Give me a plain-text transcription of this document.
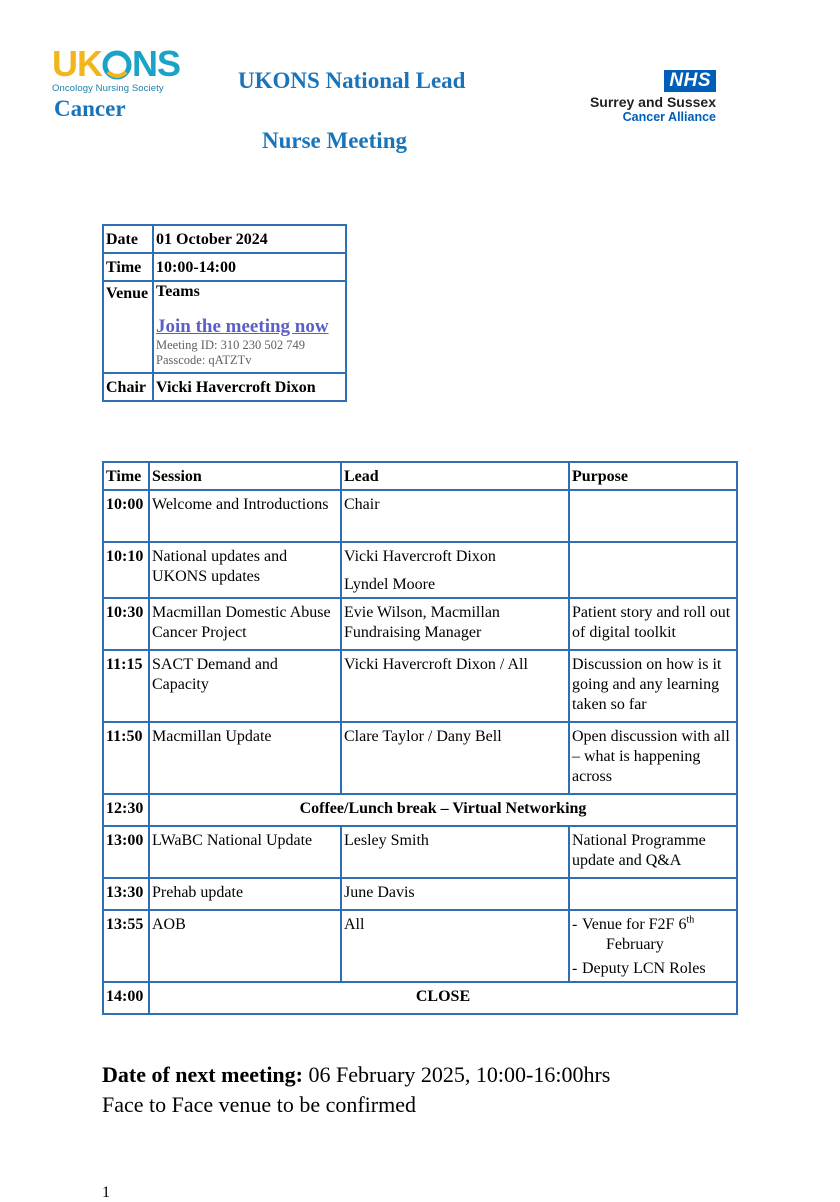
UK NS
Oncology Nursing Society
Cancer
UKONS National Lead
Nurse Meeting
NHS
Surrey and Sussex
Cancer Alliance
Date	01 October 2024
Time	10:00-14:00
Venue	Teams
Join the meeting now
Meeting ID: 310 230 502 749
Passcode: qATZTv

Chair	Vicki Havercroft Dixon
Time	Session	Lead	Purpose
10:00	Welcome and Introductions	Chair	
10:10	National updates and UKONS updates	Vicki Havercroft Dixon
Lyndel Moore	

10:30	Macmillan Domestic Abuse Cancer Project	Evie Wilson, Macmillan Fundraising Manager	Patient story and roll out of digital toolkit
11:15	SACT Demand and Capacity	Vicki Havercroft Dixon / All	Discussion on how is it going and any learning taken so far
11:50	Macmillan Update	Clare Taylor / Dany Bell	Open discussion with all – what is happening across
12:30	Coffee/Lunch break – Virtual Networking		
13:00	LWaBC National Update	Lesley Smith	National Programme update and Q&A
13:30	Prehab update	June Davis	
13:55	AOB	All	- Venue for F2F 6th
February
- Deputy LCN Roles

14:00	CLOSE		
Date of next meeting: 06 February 2025, 10:00-16:00hrs
Face to Face venue to be confirmed
1
